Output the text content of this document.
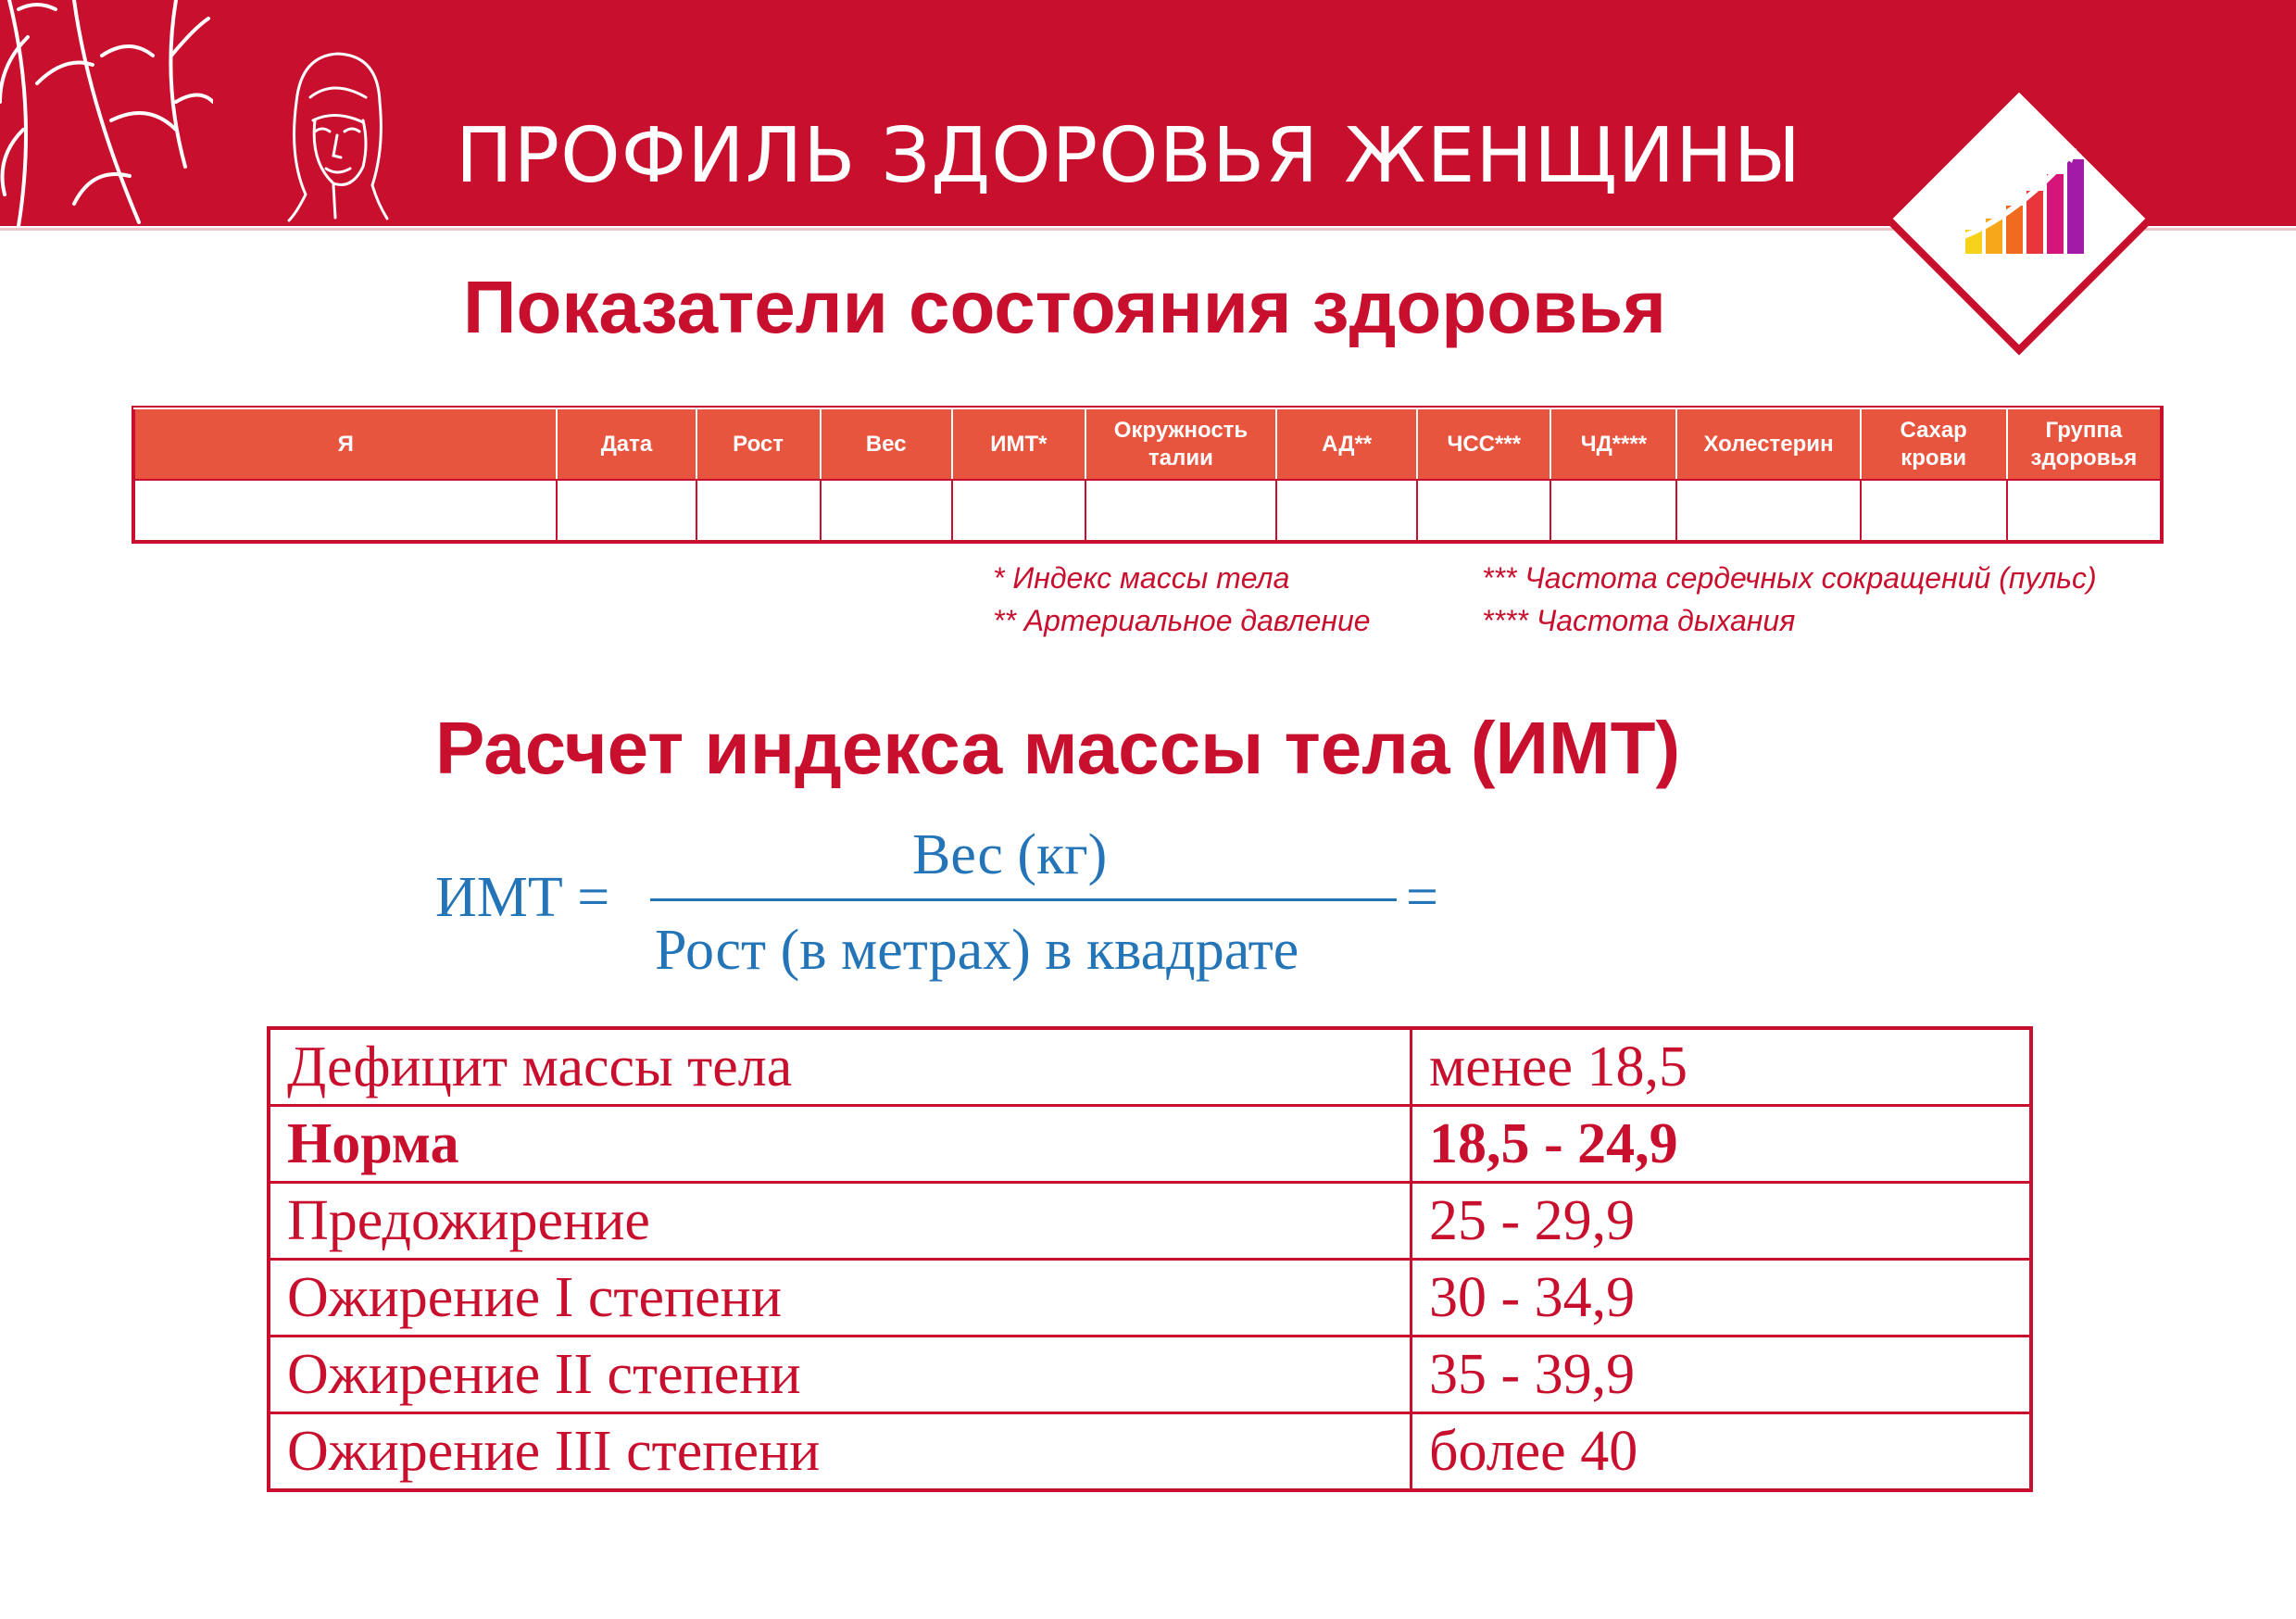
ПРОФИЛЬ ЗДОРОВЬЯ ЖЕНЩИНЫ
Показатели состояния здоровья
Я	Дата	Рост	Вес	ИМТ*	Окружность талии	АД**	ЧСС***	ЧД****	Холестерин	Сахар крови	Группа здоровья

* Индекс массы тела
** Артериальное давление
*** Частота сердечных сокращений (пульс)
**** Частота дыхания
Расчет индекса массы тела (ИМТ)
ИМТ =
Вес (кг)
Рост (в метрах) в квадрате
=
Дефицит массы тела	менее 18,5
Норма	18,5 - 24,9
Предожирение	25 - 29,9
Ожирение I степени	30 - 34,9
Ожирение II степени	35 - 39,9
Ожирение III степени	более 40
